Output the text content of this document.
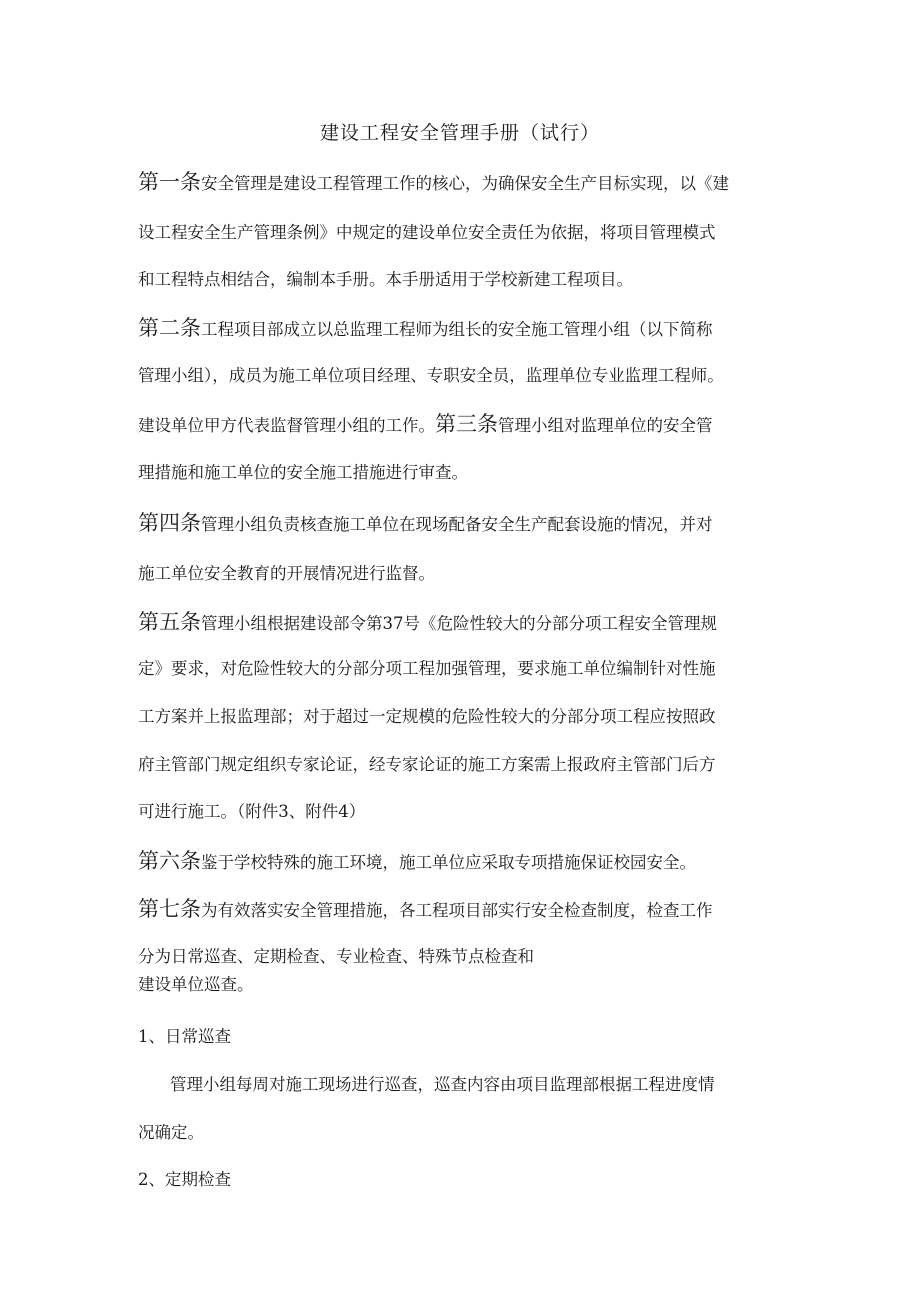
建设工程安全管理手册（试行）
第一条安全管理是建设工程管理工作的核心，为确保安全生产目标实现，以《建
设工程安全生产管理条例》中规定的建设单位安全责任为依据，将项目管理模式
和工程特点相结合，编制本手册。本手册适用于学校新建工程项目。
第二条工程项目部成立以总监理工程师为组长的安全施工管理小组（以下简称
管理小组），成员为施工单位项目经理、专职安全员，监理单位专业监理工程师。
建设单位甲方代表监督管理小组的工作。第三条管理小组对监理单位的安全管
理措施和施工单位的安全施工措施进行审查。
第四条管理小组负责核查施工单位在现场配备安全生产配套设施的情况，并对
施工单位安全教育的开展情况进行监督。
第五条管理小组根据建设部令第37号《危险性较大的分部分项工程安全管理规
定》要求，对危险性较大的分部分项工程加强管理，要求施工单位编制针对性施
工方案并上报监理部；对于超过一定规模的危险性较大的分部分项工程应按照政
府主管部门规定组织专家论证，经专家论证的施工方案需上报政府主管部门后方
可进行施工。（附件3、附件4）
第六条鉴于学校特殊的施工环境，施工单位应采取专项措施保证校园安全。
第七条为有效落实安全管理措施，各工程项目部实行安全检查制度，检查工作
分为日常巡查、定期检查、专业检查、特殊节点检查和
建设单位巡查。
1、日常巡查
管理小组每周对施工现场进行巡查，巡查内容由项目监理部根据工程进度情
况确定。
2、定期检查
